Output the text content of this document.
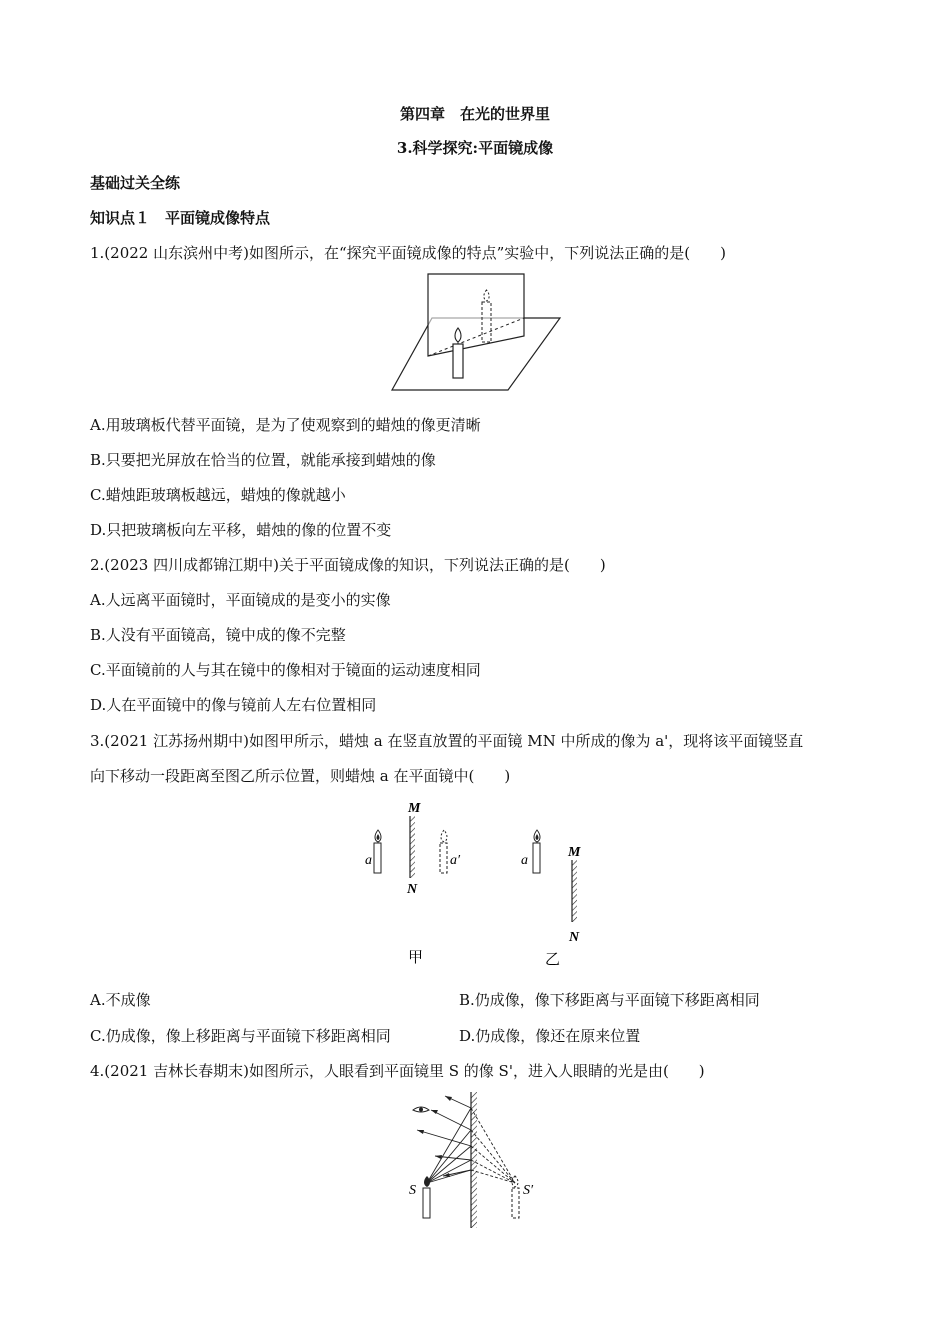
第四章　在光的世界里
3.科学探究:平面镜成像
基础过关全练
知识点１　平面镜成像特点
1.(2022 山东滨州中考)如图所示，在“探究平面镜成像的特点”实验中，下列说法正确的是(　　)
A.用玻璃板代替平面镜，是为了使观察到的蜡烛的像更清晰
B.只要把光屏放在恰当的位置，就能承接到蜡烛的像
C.蜡烛距玻璃板越远，蜡烛的像就越小
D.只把玻璃板向左平移，蜡烛的像的位置不变
2.(2023 四川成都锦江期中)关于平面镜成像的知识，下列说法正确的是(　　)
A.人远离平面镜时，平面镜成的是变小的实像
B.人没有平面镜高，镜中成的像不完整
C.平面镜前的人与其在镜中的像相对于镜面的运动速度相同
D.人在平面镜中的像与镜前人左右位置相同
3.(2021 江苏扬州期中)如图甲所示，蜡烛 a 在竖直放置的平面镜 MN 中所成的像为 a'，现将该平面镜竖直
向下移动一段距离至图乙所示位置，则蜡烛 a 在平面镜中(　　)
M
N
a	a′
甲
a
M
N
乙
A.不成像	B.仍成像，像下移距离与平面镜下移距离相同
C.仍成像，像上移距离与平面镜下移距离相同	D.仍成像，像还在原来位置
4.(2021 吉林长春期末)如图所示，人眼看到平面镜里 S 的像 S'，进入人眼睛的光是由(　　)
S	S′
